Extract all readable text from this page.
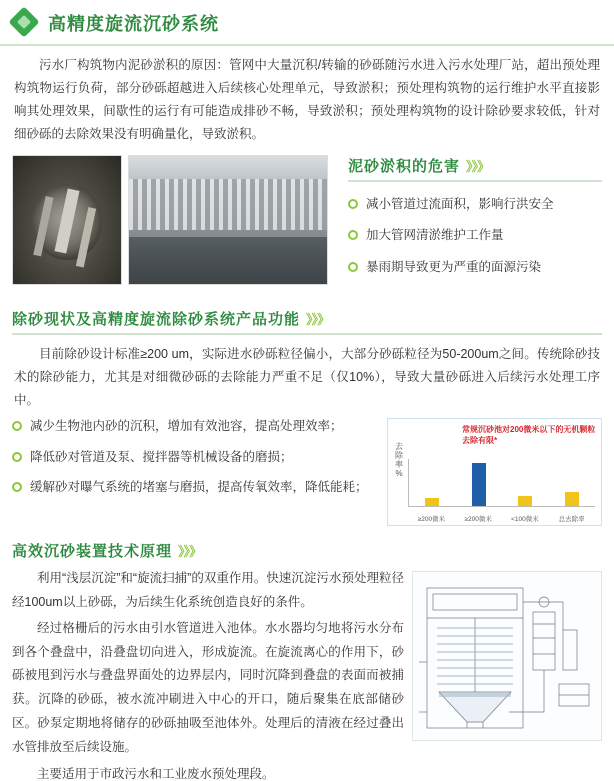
高精度旋流沉砂系统
污水厂构筑物内泥砂淤积的原因：管网中大量沉积/转输的砂砾随污水进入污水处理厂站，超出预处理构筑物运行负荷，部分砂砾超越进入后续核心处理单元，导致淤积；预处理构筑物的运行维护水平直接影响其处理效果，间歇性的运行有可能造成排砂不畅，导致淤积；预处理构筑物的设计除砂要求较低，针对细砂砾的去除效果没有明确量化，导致淤积。
泥砂淤积的危害 》》》
减小管道过流面积，影响行洪安全
加大管网清淤维护工作量
暴雨期导致更为严重的面源污染
除砂现状及高精度旋流除砂系统产品功能 》》》
目前除砂设计标准≥200 um，实际进水砂砾粒径偏小，大部分砂砾粒径为50-200um之间。传统除砂技术的除砂能力，尤其是对细微砂砾的去除能力严重不足（仅10%），导致大量砂砾进入后续污水处理工序中。
减少生物池内砂的沉积，增加有效池容，提高处理效率；
降低砂对管道及泵、搅拌器等机械设备的磨损；
缓解砂对曝气系统的堵塞与磨损，提高传氧效率，降低能耗；
常规沉砂池对200微米以下的无机颗粒去除有限*
去除率 %
≥200微米	≥200微米	<100微米	总去除率
高效沉砂装置技术原理 》》》

利用“浅层沉淀”和“旋流扫捕”的双重作用。快速沉淀污水预处理粒径经100um以上砂砾，为后续生化系统创造良好的条件。

经过格栅后的污水由引水管道进入池体。水水器均匀地将污水分布到各个叠盘中，沿叠盘切向进入，形成旋流。在旋流离心的作用下，砂砾被甩到污水与叠盘界面处的边界层内，同时沉降到叠盘的表面而被捕获。沉降的砂砾，被水流冲刷进入中心的开口，随后聚集在底部储砂区。砂泵定期地将储存的砂砾抽吸至池体外。处理后的清液在经过叠出水管排放至后续设施。

主要适用于市政污水和工业废水预处理段。
